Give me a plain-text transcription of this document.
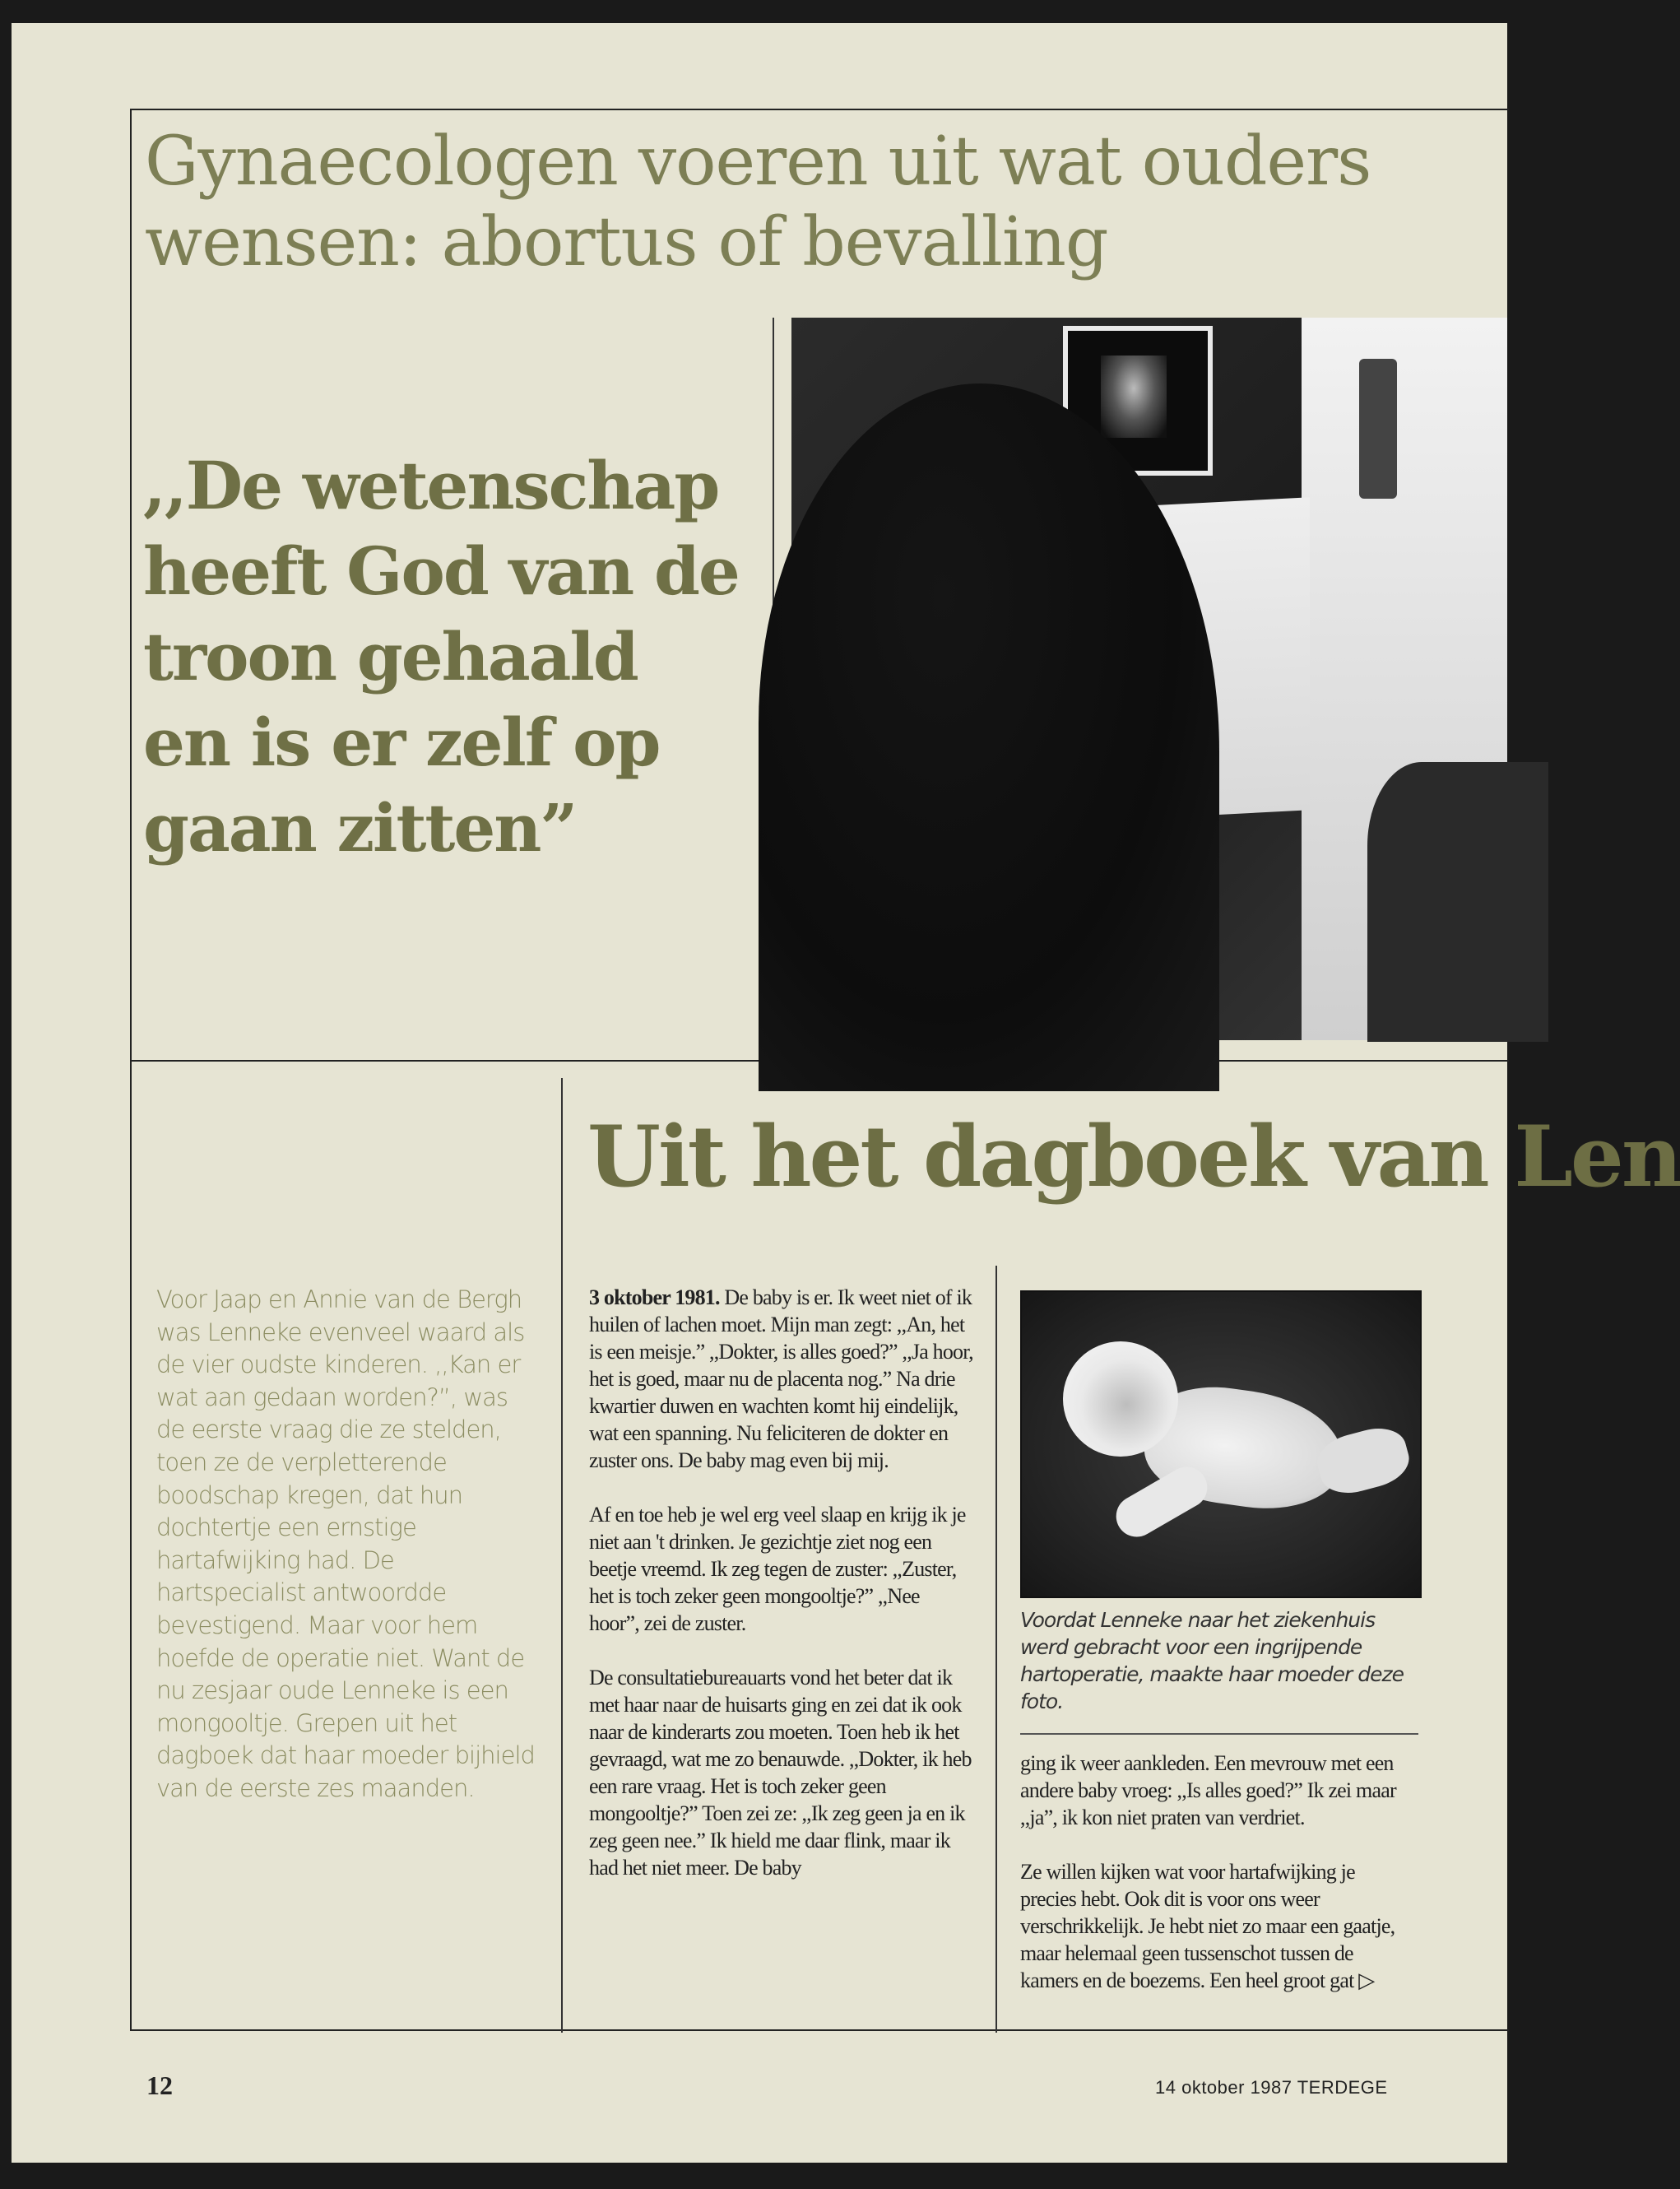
Gynaecologen voeren uit wat ouders
wensen: abortus of bevalling
,,De wetenschap
heeft God van de
troon gehaald
en is er zelf op
gaan zitten”
Uit het dagboek van Len
Voor Jaap en Annie van de Bergh was Lenneke evenveel waard als de vier oudste kinderen. ,,Kan er wat aan gedaan worden?”, was de eerste vraag die ze stelden, toen ze de verpletterende boodschap kregen, dat hun dochtertje een ernstige hartafwijking had. De hartspecialist antwoordde bevestigend. Maar voor hem hoefde de operatie niet. Want de nu zesjaar oude Lenneke is een mongooltje. Grepen uit het dagboek dat haar moeder bijhield van de eerste zes maanden.

3 oktober 1981. De baby is er. Ik weet niet of ik huilen of lachen moet. Mijn man zegt: ,,An, het is een meisje.” ,,Dokter, is alles goed?” ,,Ja hoor, het is goed, maar nu de placenta nog.” Na drie kwartier duwen en wachten komt hij eindelijk, wat een spanning. Nu feliciteren de dokter en zuster ons. De baby mag even bij mij.

Af en toe heb je wel erg veel slaap en krijg ik je niet aan 't drinken. Je gezichtje ziet nog een beetje vreemd. Ik zeg tegen de zuster: ,,Zuster, het is toch zeker geen mongooltje?” ,,Nee hoor”, zei de zuster.

De consultatiebureauarts vond het beter dat ik met haar naar de huisarts ging en zei dat ik ook naar de kinderarts zou moeten. Toen heb ik het gevraagd, wat me zo benauwde. ,,Dokter, ik heb een rare vraag. Het is toch zeker geen mongooltje?” Toen zei ze: ,,Ik zeg geen ja en ik zeg geen nee.” Ik hield me daar flink, maar ik had het niet meer. De baby

Voordat Lenneke naar het ziekenhuis werd gebracht voor een ingrijpende hartoperatie, maakte haar moeder deze foto.

ging ik weer aankleden. Een mevrouw met een andere baby vroeg: ,,Is alles goed?” Ik zei maar ,,ja”, ik kon niet praten van verdriet.

Ze willen kijken wat voor hartafwijking je precies hebt. Ook dit is voor ons weer verschrikkelijk. Je hebt niet zo maar een gaatje, maar helemaal geen tussenschot tussen de kamers en de boezems. Een heel groot gat ▷

12	14 oktober 1987 TERDEGE
